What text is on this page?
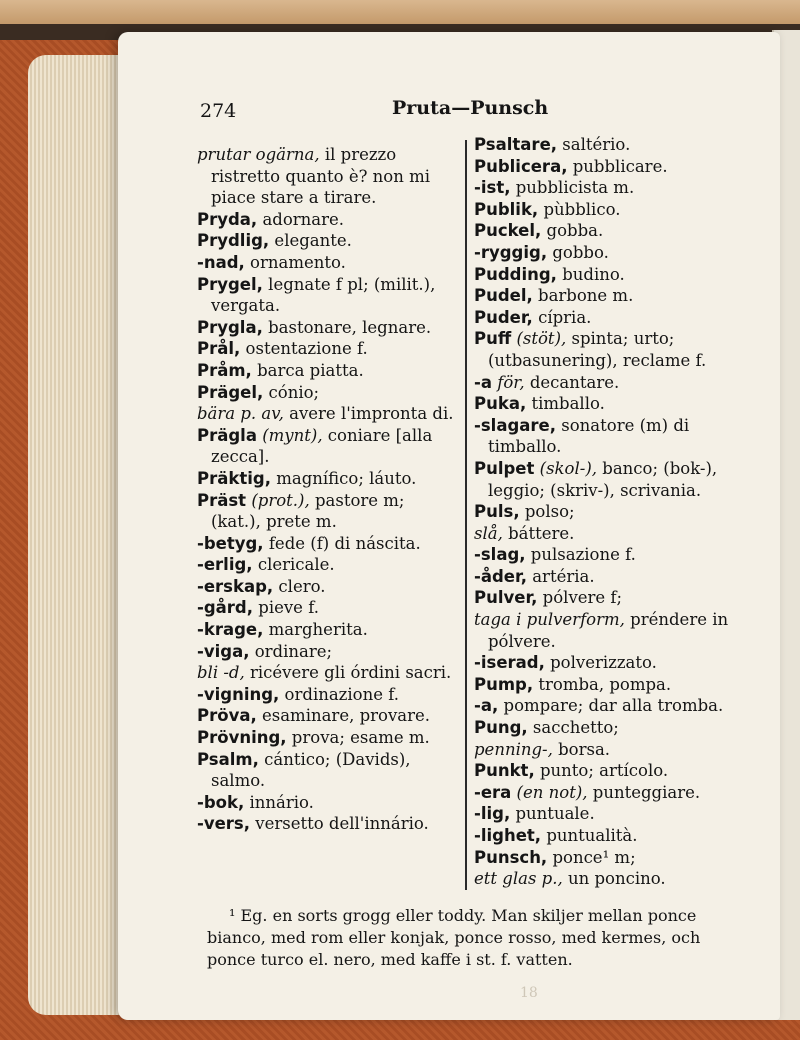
274	Pruta—Punsch
prutar ogärna, il prezzo ristretto quanto è? non mi piace stare a tirare.
Pryda, adornare.
Prydlig, elegante.
-nad, ornamento.
Prygel, legnate f pl; (milit.), vergata.
Prygla, bastonare, legnare.
Prål, ostentazione f.
Pråm, barca piatta.
Prägel, cónio;
bära p. av, avere l'impronta di.
Prägla (mynt), coniare [alla zecca].
Präktig, magnífico; láuto.
Präst (prot.), pastore m; (kat.), prete m.
-betyg, fede (f) di náscita.
-erlig, clericale.
-erskap, clero.
-gård, pieve f.
-krage, margherita.
-viga, ordinare;
bli -d, ricévere gli órdini sacri.
-vigning, ordinazione f.
Pröva, esaminare, provare.
Prövning, prova; esame m.
Psalm, cántico; (Davids), salmo.
-bok, innário.
-vers, versetto dell'innário.
Psaltare, saltério.
Publicera, pubblicare.
-ist, pubblicista m.
Publik, pùbblico.
Puckel, gobba.
-ryggig, gobbo.
Pudding, budino.
Pudel, barbone m.
Puder, cípria.
Puff (stöt), spinta; urto; (utbasunering), reclame f.
-a för, decantare.
Puka, timballo.
-slagare, sonatore (m) di timballo.
Pulpet (skol-), banco; (bok-), leggio; (skriv-), scrivania.
Puls, polso;
slå, báttere.
-slag, pulsazione f.
-åder, artéria.
Pulver, pólvere f;
taga i pulverform, préndere in pólvere.
-iserad, polverizzato.
Pump, tromba, pompa.
-a, pompare; dar alla tromba.
Pung, sacchetto;
penning-, borsa.
Punkt, punto; artícolo.
-era (en not), punteggiare.
-lig, puntuale.
-lighet, puntualità.
Punsch, ponce¹ m;
ett glas p., un poncino.
¹ Eg. en sorts grogg eller toddy. Man skiljer mellan ponce bianco, med rom eller konjak, ponce rosso, med kermes, och ponce turco el. nero, med kaffe i st. f. vatten.
18
